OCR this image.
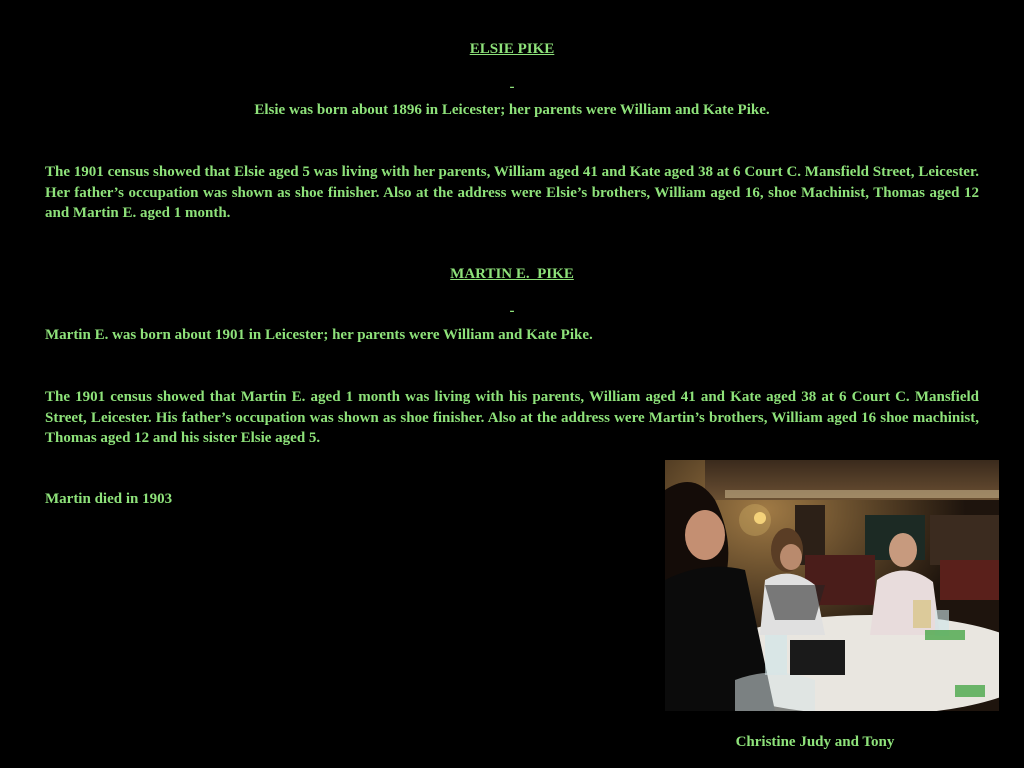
ELSIE PIKE
-
Elsie was born about 1896 in Leicester; her parents were William and Kate Pike.
The 1901 census showed that Elsie aged 5 was living with her parents, William aged 41 and Kate aged 38 at 6 Court C. Mansfield Street, Leicester. Her father’s occupation was shown as shoe finisher. Also at the address were Elsie’s brothers, William aged 16, shoe Machinist, Thomas aged 12 and Martin E. aged 1 month.
MARTIN E.  PIKE
-
Martin E. was born about 1901 in Leicester; her parents were William and Kate Pike.
The 1901 census showed that Martin E. aged 1 month was living with his parents, William aged 41 and Kate aged 38 at 6 Court C. Mansfield Street, Leicester. His father’s occupation was shown as shoe finisher. Also at the address were Martin’s brothers, William aged 16 shoe machinist, Thomas aged 12 and his sister Elsie aged 5.
Martin died in 1903
Christine Judy and Tony
